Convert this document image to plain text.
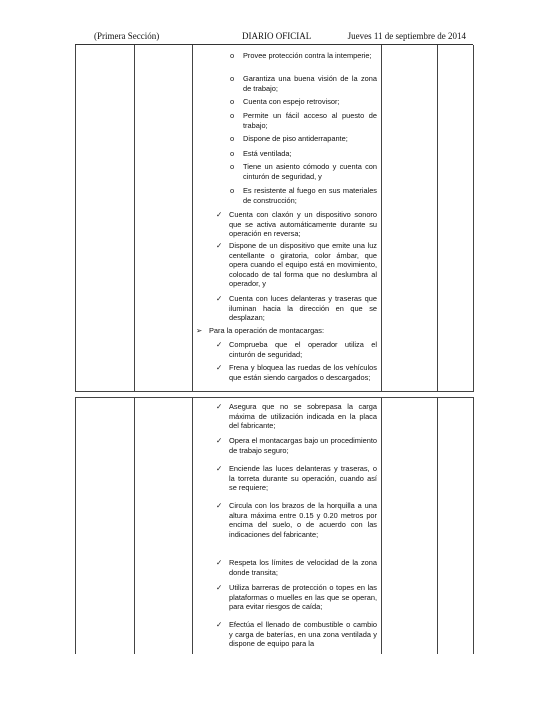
(Primera Sección)	DIARIO OFICIAL	Jueves 11 de septiembre de 2014
o Provee protección contra la intemperie;

o Garantiza una buena visión de la zona de trabajo;

o Cuenta con espejo retrovisor;

o Permite un fácil acceso al puesto de trabajo;

o Dispone de piso antiderrapante;

o Está ventilada;

o Tiene un asiento cómodo y cuenta con cinturón de seguridad, y

o Es resistente al fuego en sus materiales de construcción;

✓ Cuenta con claxón y un dispositivo sonoro que se activa automáticamente durante su operación en reversa;

✓ Dispone de un dispositivo que emite una luz centellante o giratoria, color ámbar, que opera cuando el equipo está en movimiento, colocado de tal forma que no deslumbra al operador, y

✓ Cuenta con luces delanteras y traseras que iluminan hacia la dirección en que se desplazan;

➢ Para la operación de montacargas:

✓ Comprueba que el operador utiliza el cinturón de seguridad;

✓ Frena y bloquea las ruedas de los vehículos que están siendo cargados o descargados;

✓ Asegura que no se sobrepasa la carga máxima de utilización indicada en la placa del fabricante;

✓ Opera el montacargas bajo un procedimiento de trabajo seguro;

✓ Enciende las luces delanteras y traseras, o la torreta durante su operación, cuando así se requiere;

✓ Circula con los brazos de la horquilla a una altura máxima entre 0.15 y 0.20 metros por encima del suelo, o de acuerdo con las indicaciones del fabricante;

✓ Respeta los límites de velocidad de la zona donde transita;

✓ Utiliza barreras de protección o topes en las plataformas o muelles en las que se operan, para evitar riesgos de caída;

✓ Efectúa el llenado de combustible o cambio y carga de baterías, en una zona ventilada y dispone de equipo para la
